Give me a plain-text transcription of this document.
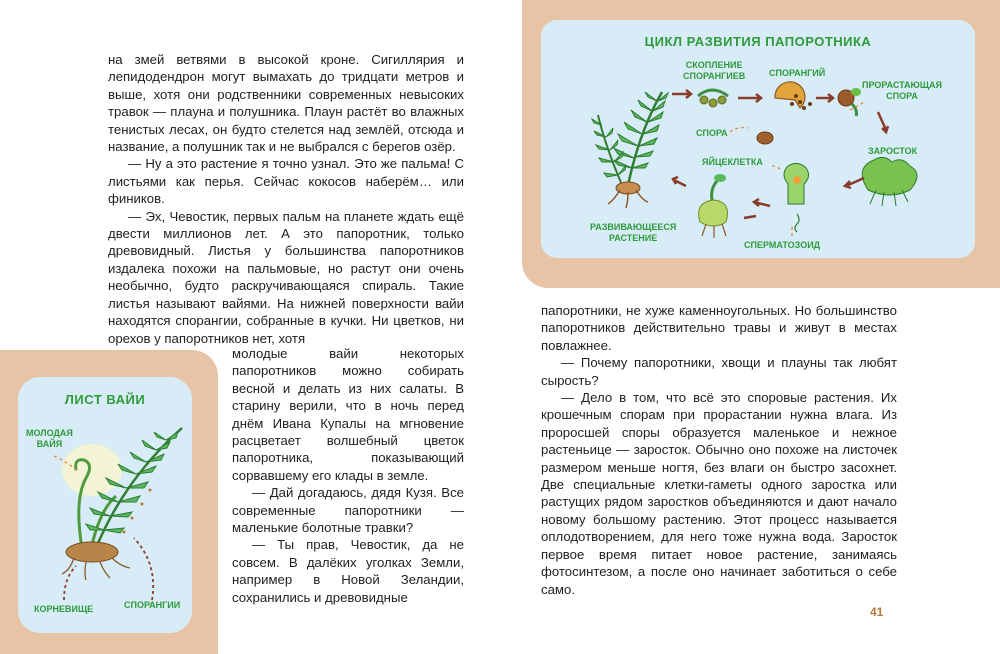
ЦИКЛ РАЗВИТИЯ ПАПОРОТНИКА
СКОПЛЕНИЕ
СПОРАНГИЕВ	СПОРАНГИЙ
ПРОРАСТАЮЩАЯ
СПОРА
СПОРА
ЯЙЦЕКЛЕТКА
ЗАРОСТОК
РАЗВИВАЮЩЕЕСЯ
РАСТЕНИЕ
СПЕРМАТОЗОИД
ЛИСТ ВАЙИ
МОЛОДАЯ
ВАЙЯ
КОРНЕВИЩЕ	СПОРАНГИИ

на змей ветвями в высокой кроне. Сигиллярия и лепидодендрон могут вымахать до тридцати метров и выше, хотя они родственники современных невысоких травок — плауна и полушника. Плаун растёт во влажных тенистых лесах, он будто стелется над землёй, отсюда и название, а полушник так и не выбрался с берегов озёр.

— Ну а это растение я точно узнал. Это же пальма! С листьями как перья. Сейчас кокосов наберём… или фиников.

— Эх, Чевостик, первых пальм на планете ждать ещё двести миллионов лет. А это папоротник, только древовидный. Листья у большинства папоротников издалека похожи на пальмовые, но растут они очень необычно, будто раскручивающаяся спираль. Такие листья называют вайями. На нижней поверхности вайи находятся спорангии, собранные в кучки. Ни цветков, ни орехов у папоротников нет, хотя

молодые вайи некоторых папоротников можно собирать весной и делать из них салаты. В старину верили, что в ночь перед днём Ивана Купалы на мгновение расцветает волшебный цветок папоротника, показывающий сорвавшему его клады в земле.

— Дай догадаюсь, дядя Кузя. Все современные папоротники — маленькие болотные травки?

— Ты прав, Чевостик, да не совсем. В далёких уголках Земли, например в Новой Зеландии, сохранились и древовидные

папоротники, не хуже каменноугольных. Но большинство папоротников действительно травы и живут в местах повлажнее.

— Почему папоротники, хвощи и плауны так любят сырость?

— Дело в том, что всё это споровые растения. Их крошечным спорам при прорастании нужна влага. Из проросшей споры образуется маленькое и нежное растеньице — заросток. Обычно оно похоже на листочек размером меньше ногтя, без влаги он быстро засохнет. Две специальные клетки-гаметы одного заростка или растущих рядом заростков объединяются и дают начало новому большому растению. Этот процесс называется оплодотворением, для него тоже нужна вода. Заросток первое время питает новое растение, занимаясь фотосинтезом, а после оно начинает заботиться о себе само.

41
